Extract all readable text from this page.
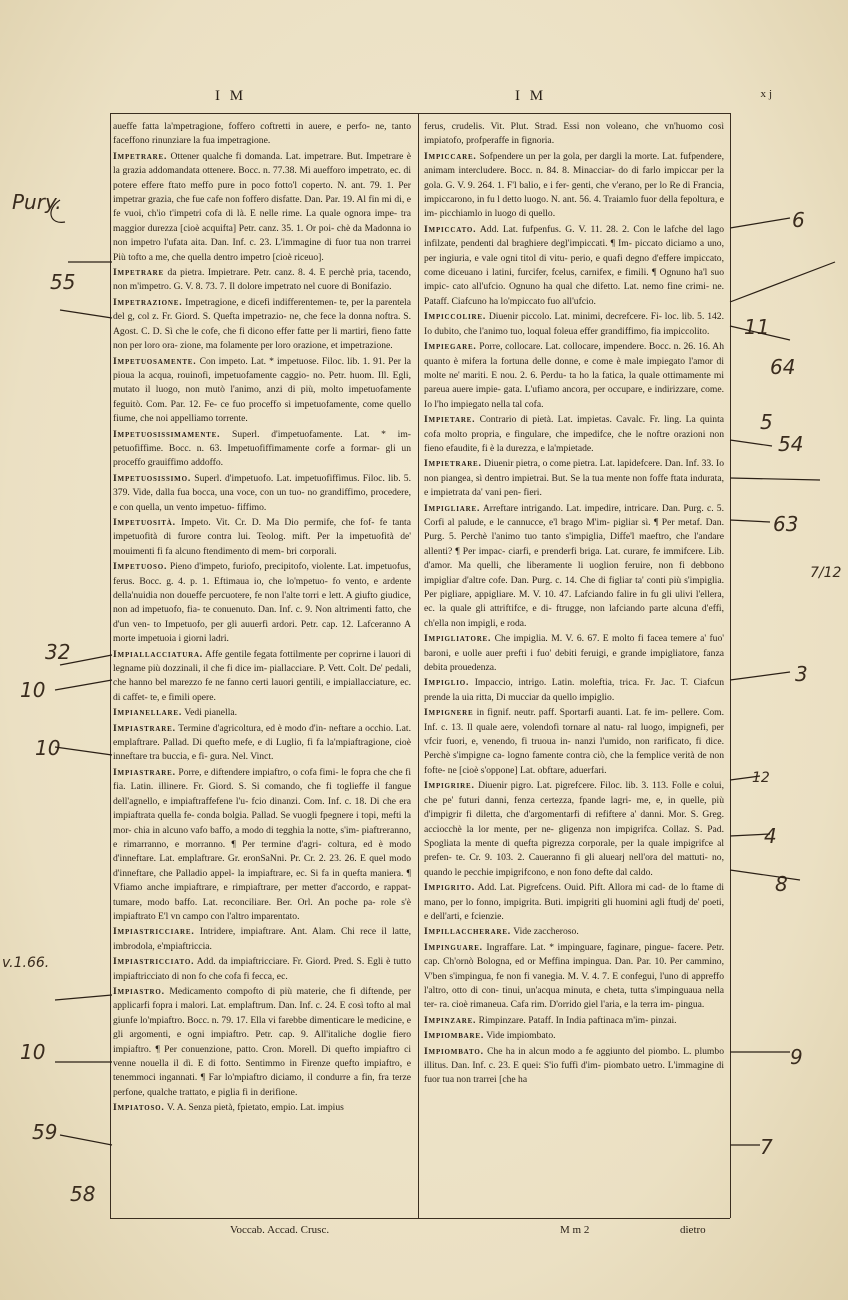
I M	I M	xj

aueffe fatta la'mpetragione, foffero coftretti in auere, e perfo- ne, tanto faceffono rinunziare la fua impetragione.

Impetrare. Ottener qualche fi domanda. Lat. impetrare. But. Impetrare è la grazia addomandata ottenere. Bocc. n. 77.38. Mi auefforo impetrato, ec. di potere effere ftato meffo pure in poco fotto'l coperto. N. ant. 79. 1. Per impetrar grazia, che fue cafe non foffero disfatte. Dan. Par. 19. Al fin mi di, e fe vuoi, ch'io t'impetri cofa di là. E nelle rime. La quale ognora impe- tra maggior durezza [cioè acquifta] Petr. canz. 35. 1. Or poi- chè da Madonna io non impetro l'ufata aita. Dan. Inf. c. 23. L'immagine di fuor tua non trarrei Più tofto a me, che quella dentro impetro [cioè riceuo].

Impetrare da pietra. Impietrare. Petr. canz. 8. 4. E perchè pria, tacendo, non m'impetro. G. V. 8. 73. 7. Il dolore impetrato nel cuore di Bonifazio.

Impetrazione. Impetragione, e dicefi indifferentemen- te, per la parentela del g, col z. Fr. Giord. S. Quefta impetrazio- ne, che fece la donna noftra. S. Agost. C. D. Sì che le cofe, che fi dicono effer fatte per li martiri, fieno fatte non per loro ora- zione, ma folamente per loro orazione, et impetrazione.

Impetuosamente. Con impeto. Lat. * impetuose. Filoc. lib. 1. 91. Per la pioua la acqua, rouinofi, impetuofamente caggio- no. Petr. huom. Ill. Egli, mutato il luogo, non mutò l'animo, anzi di più, molto impetuofamente feguitò. Com. Par. 12. Fe- ce fuo proceffo sì impetuofamente, come quello fiume, che noi appelliamo torrente.

Impetuosissimamente. Superl. d'impetuofamente. Lat. * im- petuofiffime. Bocc. n. 63. Impetuofiffimamente corfe a formar- gli un proceffo grauiffimo addoffo.

Impetuosissimo. Superl. d'impetuofo. Lat. impetuofiffimus. Filoc. lib. 5. 379. Vide, dalla fua bocca, una voce, con un tuo- no grandiffimo, procedere, e con quella, un vento impetuo- fiffimo.

Impetuosità. Impeto. Vit. Cr. D. Ma Dio permife, che fof- fe tanta impetuofità di furore contra lui. Teolog. mift. Per la impetuofità de' mouimenti fi fa alcuno ftendimento di mem- bri corporali.

Impetuoso. Pieno d'impeto, furiofo, precipitofo, violente. Lat. impetuofus, ferus. Bocc. g. 4. p. 1. Eftimaua io, che lo'mpetuo- fo vento, e ardente della'nuidia non doueffe percuotere, fe non l'alte torri e lett. A giufto giudice, non ad impetuofo, fia- te conuenuto. Dan. Inf. c. 9. Non altrimenti fatto, che d'un ven- to Impetuofo, per gli auuerfi ardori. Petr. cap. 12. Lafceranno A morte impetuoia i giorni ladri.

Impiallacciatura. Affe gentile fegata fottilmente per coprirne i lauori di legname più dozzinali, il che fi dice im- piallacciare. P. Vett. Colt. De' pedali, che hanno bel marezzo fe ne fanno certi lauori gentili, e impiallacciature, ec. di caffet- te, e fimili opere.

Impianellare. Vedi pianella.

Impiastrare. Termine d'agricoltura, ed è modo d'in- neftare a occhio. Lat. emplaftrare. Pallad. Di quefto mefe, e di Luglio, fi fa la'mpiaftragione, cioè inneftare tra buccia, e fi- gura. Nel. Vinct.

Impiastrare. Porre, e diftendere impiaftro, o cofa fimi- le fopra che che fi fia. Latin. illinere. Fr. Giord. S. Si comando, che fi toglieffe il fangue dell'agnello, e impiaftraffefene l'u- fcio dinanzi. Com. Inf. c. 18. Di che era impiaftrata quella fe- conda bolgia. Pallad. Se vuogli fpegnere i topi, mefti la mor- chia in alcuno vafo baffo, a modo di tegghia la notte, s'im- piaftreranno, e rimarranno, e morranno. ¶ Per termine d'agri- coltura, ed è modo d'inneftare. Lat. emplaftrare. Gr. eronSaNni. Pr. Cr. 2. 23. 26. E quel modo d'inneftare, che Palladio appel- la impiaftrare, ec. Si fa in quefta maniera. ¶ Vfiamo anche impiaftrare, e rimpiaftrare, per metter d'accordo, e rappat- tumare, modo baffo. Lat. reconciliare. Ber. Orl. An poche pa- role s'è impiaftrato E'l vn campo con l'altro imparentato.

Impiastricciare. Intridere, impiaftrare. Ant. Alam. Chi rece il latte, imbrodola, e'mpiaftriccia.

Impiastricciato. Add. da impiaftricciare. Fr. Giord. Pred. S. Egli è tutto impiaftricciato di non fo che cofa fi fecca, ec.

Impiastro. Medicamento compofto di più materie, che fi diftende, per applicarfi fopra i malori. Lat. emplaftrum. Dan. Inf. c. 24. E così tofto al mal giunfe lo'mpiaftro. Bocc. n. 79. 17. Ella vi farebbe dimenticare le medicine, e gli argomenti, e ogni impiaftro. Petr. cap. 9. All'italiche doglie fiero impiaftro. ¶ Per conuenzione, patto. Cron. Morell. Di quefto impiaftro ci venne nouella il dì. E di fotto. Sentimmo in Firenze quefto impiaftro, e tenemmoci ingannati. ¶ Far lo'mpiaftro diciamo, il condurre a fin, fra terze perfone, qualche trattato, e piglia fi in derifione.

Impiatoso. V. A. Senza pietà, fpietato, empio. Lat. impius

ferus, crudelis. Vit. Plut. Strad. Essi non voleano, che vn'huomo così impiatofo, profperaffe in fignoria.

Impiccare. Sofpendere un per la gola, per dargli la morte. Lat. fufpendere, animam intercludere. Bocc. n. 84. 8. Minacciar- do di farlo impiccar per la gola. G. V. 9. 264. 1. F'l balio, e i fer- genti, che v'erano, per lo Re di Francia, impiccarono, in fu l detto luogo. N. ant. 56. 4. Traiamlo fuor della fepoltura, e im- picchiamlo in luogo di quello.

Impiccato. Add. Lat. fufpenfus. G. V. 11. 28. 2. Con le lafche del lago infilzate, pendenti dal braghiere degl'impiccati. ¶ Im- piccato diciamo a uno, per ingiuria, e vale ogni titol di vitu- perio, e quafi degno d'effere impiccato, come diceuano i latini, furcifer, fcelus, carnifex, e fimili. ¶ Ognuno ha'l suo impic- cato all'ufcio. Ognuno ha qual che difetto. Lat. nemo fine crimi- ne. Pataff. Ciafcuno ha lo'mpiccato fuo all'ufcio.

Impiccolire. Diuenir piccolo. Lat. minimi, decrefcere. Fi- loc. lib. 5. 142. Io dubito, che l'animo tuo, loqual foleua effer grandiffimo, fia impiccolito.

Impiegare. Porre, collocare. Lat. collocare, impendere. Bocc. n. 26. 16. Ah quanto è mifera la fortuna delle donne, e come è male impiegato l'amor di molte ne' mariti. E nou. 2. 6. Perdu- ta ho la fatica, la quale ottimamente mi pareua auere impie- gata. L'ufiamo ancora, per occupare, e indirizzare, come. Io l'ho impiegato nella tal cofa.

Impietare. Contrario di pietà. Lat. impietas. Cavalc. Fr. ling. La quinta cofa molto propria, e fingulare, che impedifce, che le noftre orazioni non fieno efaudite, fi è la durezza, e la'mpietade.

Impietrare. Diuenir pietra, o come pietra. Lat. lapidefcere. Dan. Inf. 33. Io non piangea, sì dentro impietrai. But. Se la tua mente non foffe ftata indurata, e impietrata da' vani pen- fieri.

Impigliare. Arreftare intrigando. Lat. impedire, intricare. Dan. Purg. c. 5. Corfi al palude, e le cannucce, e'l brago M'im- pigliar sì. ¶ Per metaf. Dan. Purg. 5. Perchè l'animo tuo tanto s'impiglia, Diffe'l maeftro, che l'andare allenti? ¶ Per impac- ciarfi, e prenderfi briga. Lat. curare, fe immifcere. Lib. d'amor. Ma quelli, che liberamente li uoglion feruire, non fi debbono impigliar d'altre cofe. Dan. Purg. c. 14. Che di figliar ta' conti più s'impiglia. Per pigliare, appigliare. M. V. 10. 47. Lafciando falire in fu gli ulivi l'ellera, ec. la quale gli attriftifce, e di- ftrugge, non lafciando parte alcuna d'effi, ch'ella non impigli, e roda.

Impigliatore. Che impiglia. M. V. 6. 67. E molto fi facea temere a' fuo' baroni, e uolle auer prefti i fuo' debiti feruigi, e grande impigliatore, fanza debita prouedenza.

Impiglio. Impaccio, intrigo. Latin. moleftia, trica. Fr. Jac. T. Ciafcun prende la uia ritta, Di mucciar da quello impiglio.

Impignere in fignif. neutr. paff. Sportarfi auanti. Lat. fe im- pellere. Com. Inf. c. 13. Il quale aere, volendofi tornare al natu- ral luogo, impignefi, per vfcir fuori, e, venendo, fi truoua in- nanzi l'umido, non rarificato, fi dice. Perchè s'impigne ca- logno famente contra ciò, che la femplice verità de non fofte- ne [cioè s'oppone] Lat. obftare, aduerfari.

Impigrire. Diuenir pigro. Lat. pigrefcere. Filoc. lib. 3. 113. Folle e colui, che pe' futuri danni, fenza certezza, fpande lagri- me, e, in quelle, più d'impigrir fi diletta, che d'argomentarfi di refiftere a' danni. Mor. S. Greg. acciocchè la lor mente, per ne- gligenza non impigrifca. Collaz. S. Pad. Spogliata la mente di quefta pigrezza corporale, per la quale impigrifce al prefen- te. Cr. 9. 103. 2. Caueranno fi gli aluearj nell'ora del mattuti- no, quando le pecchie impigrifcono, e non fono defte dal caldo.

Impigrito. Add. Lat. Pigrefcens. Ouid. Pift. Allora mi cad- de lo ftame di mano, per lo fonno, impigrita. Buti. impigriti gli huomini agli ftudj de' poeti, e dell'arti, e fcienzie.

Impillaccherare. Vide zaccheroso.

Impinguare. Ingraffare. Lat. * impinguare, faginare, pingue- facere. Petr. cap. Ch'ornò Bologna, ed or Meffina impingua. Dan. Par. 10. Per cammino, V'ben s'impingua, fe non fi vanegia. M. V. 4. 7. E confegui, l'uno di appreffo l'altro, otto di con- tinui, un'acqua minuta, e cheta, tutta s'impinguaua nella ter- ra. cioè rimaneua. Cafa rim. D'orrido giel l'aria, e la terra im- pingua.

Impinzare. Rimpinzare. Pataff. In India paftinaca m'im- pinzai.

Impiombare. Vide impiombato.

Impiombato. Che ha in alcun modo a fe aggiunto del piombo. L. plumbo illitus. Dan. Inf. c. 23. E quei: S'io fuffi d'im- piombato uetro. L'immagine di fuor tua non trarrei [che ha

Voccab. Accad. Crusc.	M m 2	dietro
Pury.
55
32
10
10
v.1.66.
10
59
58
6
11
64
5
54
63
7/12
3
12
4
8
9
7
